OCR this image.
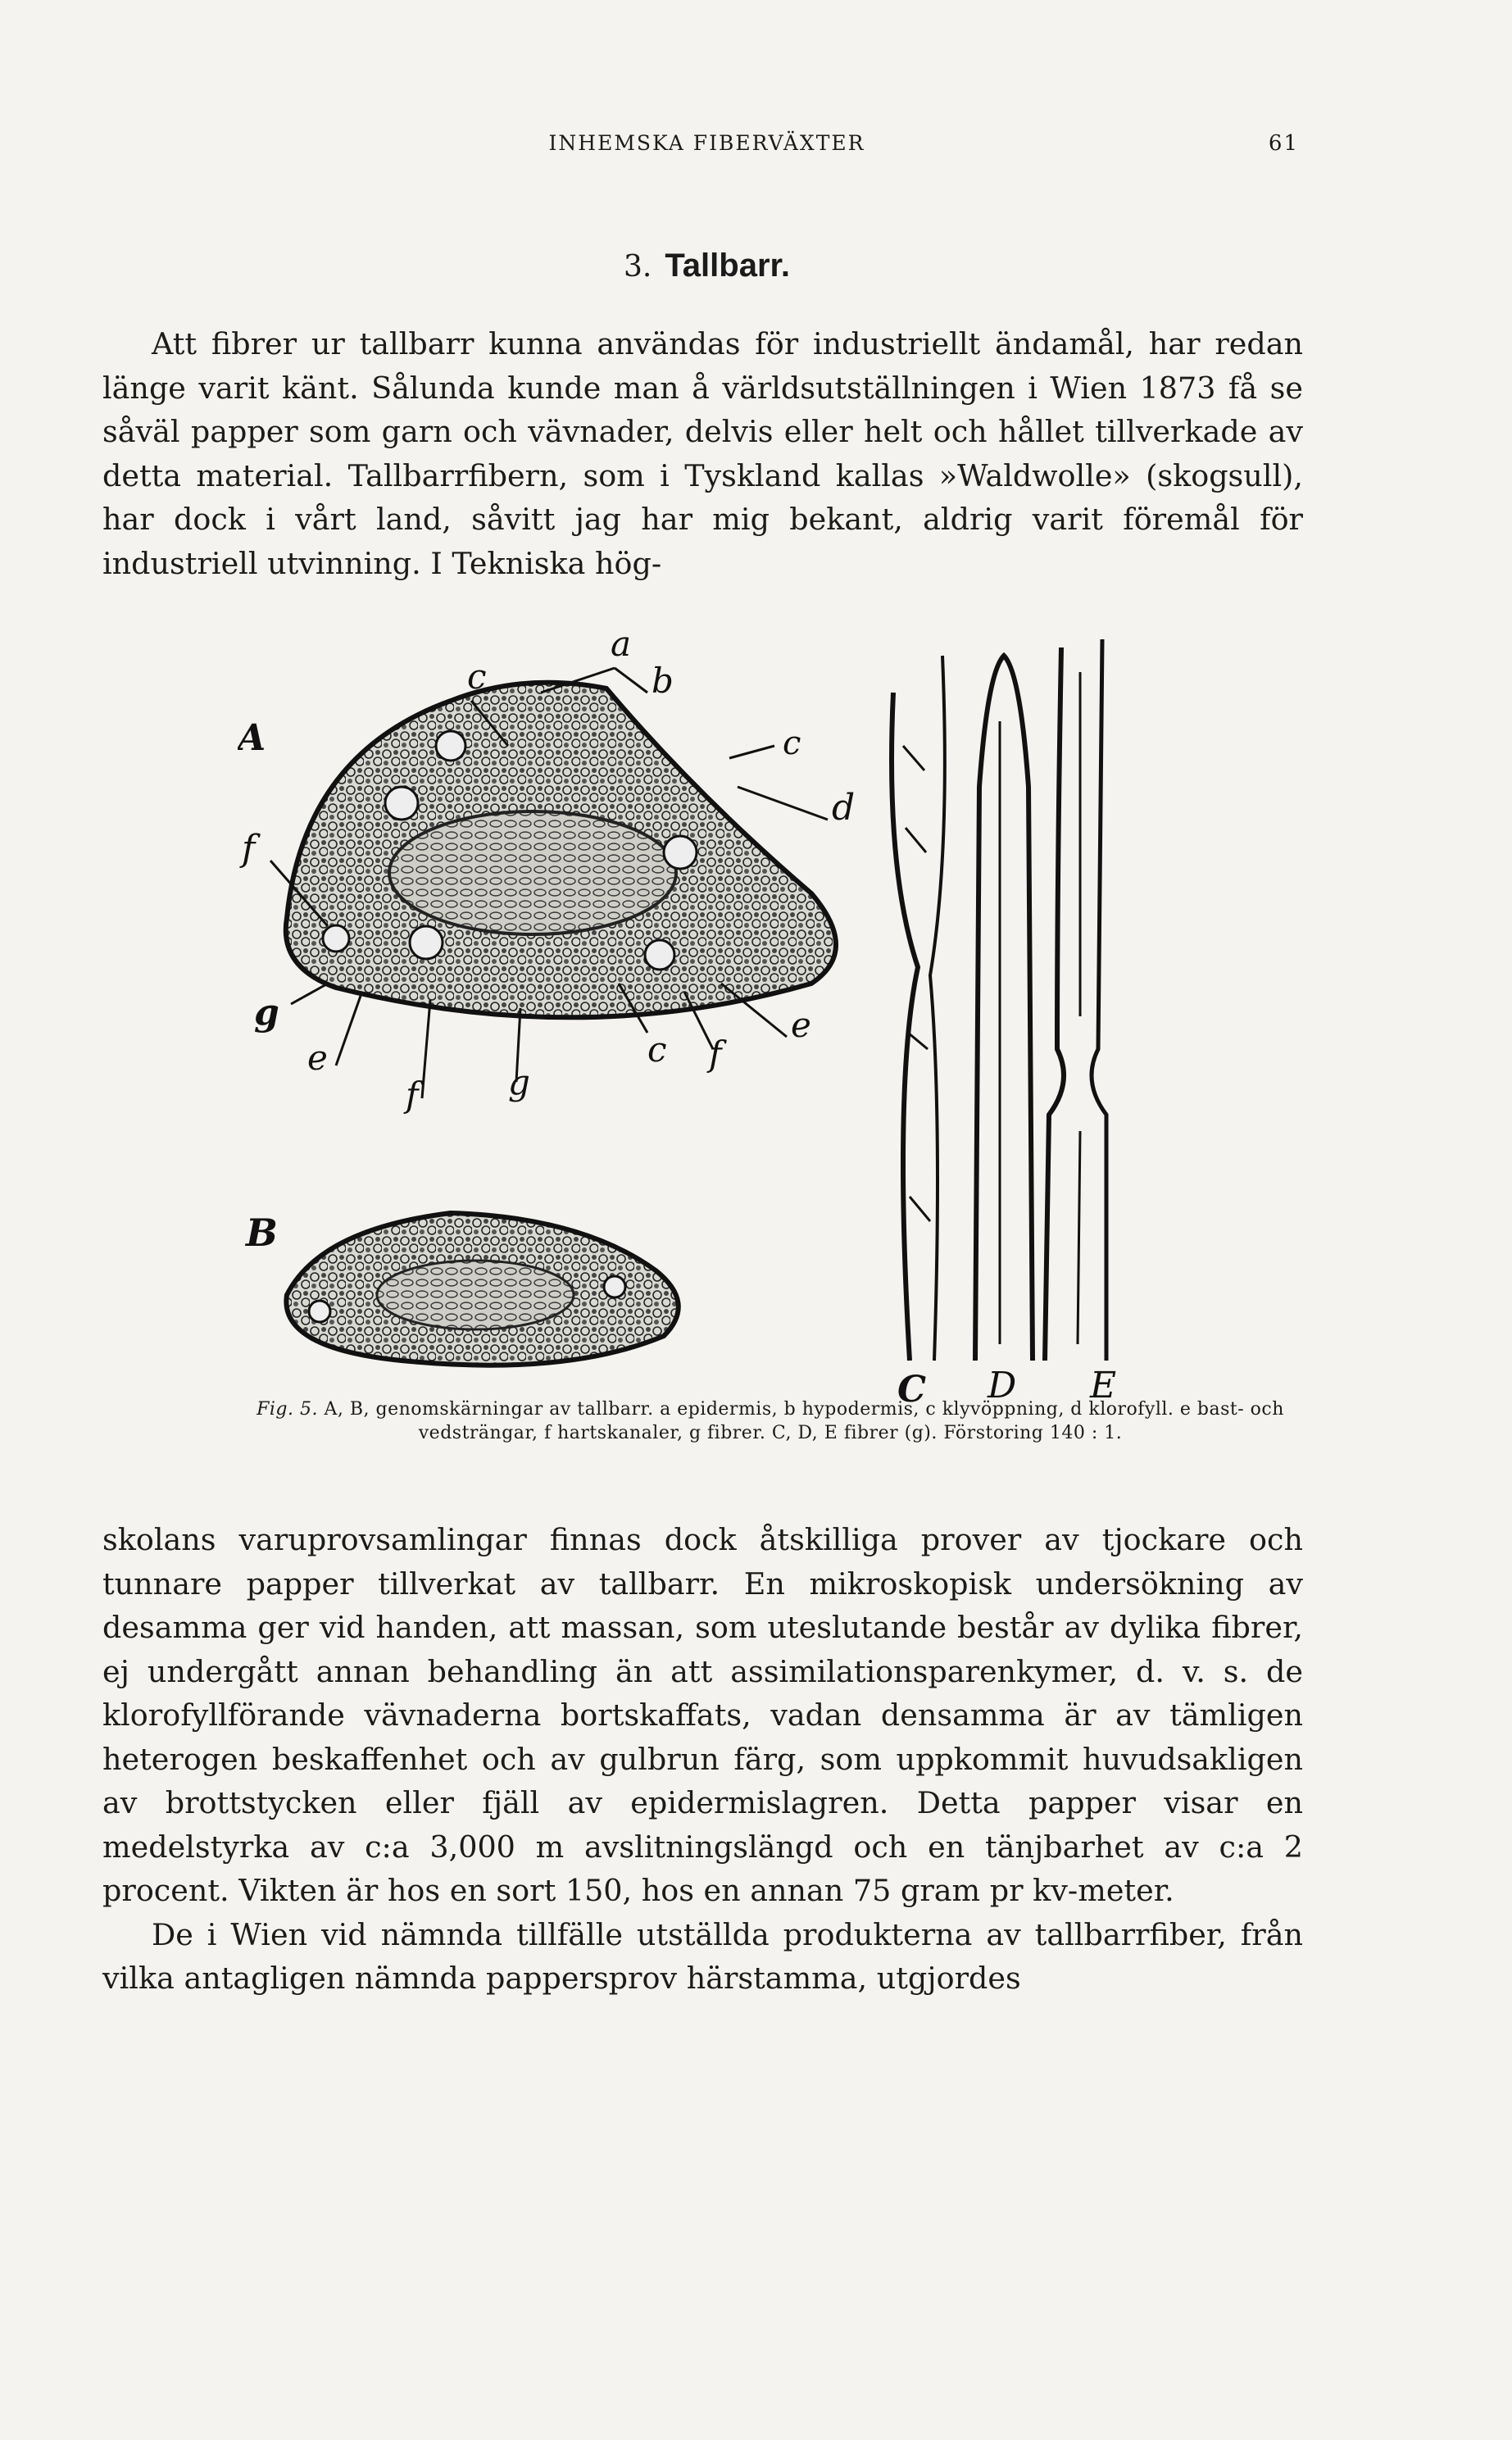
INHEMSKA FIBERVÄXTER	61
3. Tallbarr.

Att fibrer ur tallbarr kunna användas för industriellt ändamål, har redan länge varit känt. Sålunda kunde man å världsutställningen i Wien 1873 få se såväl papper som garn och vävnader, delvis eller helt och hållet tillverkade av detta material. Tallbarrfibern, som i Tyskland kallas »Waldwolle» (skogsull), har dock i vårt land, såvitt jag har mig bekant, aldrig varit föremål för industriell utvinning. I Tekniska hög-

A
c
a
b
c
d
f
g
e
f	g
c f
e
B
C D E
Fig. 5. A, B, genomskärningar av tallbarr. a epidermis, b hypodermis, c klyvöppning, d klorofyll. e bast- och vedsträngar, f hartskanaler, g fibrer. C, D, E fibrer (g). Förstoring 140 : 1.

skolans varuprovsamlingar finnas dock åtskilliga prover av tjockare och tunnare papper tillverkat av tallbarr. En mikroskopisk undersökning av desamma ger vid handen, att massan, som uteslutande består av dylika fibrer, ej undergått annan behandling än att assimilationsparenkymer, d. v. s. de klorofyllförande vävnaderna bortskaffats, vadan densamma är av tämligen heterogen beskaffenhet och av gulbrun färg, som uppkommit huvudsakligen av brottstycken eller fjäll av epidermislagren. Detta papper visar en medelstyrka av c:a 3,000 m avslitningslängd och en tänjbarhet av c:a 2 procent. Vikten är hos en sort 150, hos en annan 75 gram pr kv-meter.

De i Wien vid nämnda tillfälle utställda produkterna av tallbarrfiber, från vilka antagligen nämnda pappersprov härstamma, utgjordes
